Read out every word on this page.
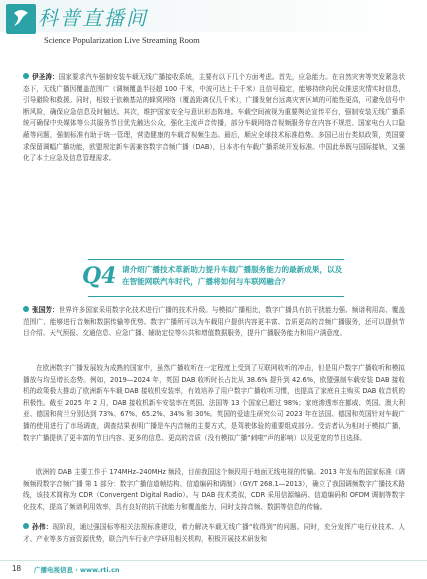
科普直播间
Science Popularization Live Streaming Room

伊圣涛：国家要求汽车强制安装车载无线广播接收系统，主要有以下几个方面考虑。首先，应急能力。在自然灾害等突发紧急状态下，无线广播因覆盖范围广（调频覆盖半径超 100 千米，中波可达上千千米）且信号稳定，能够持续向民众推送灾情实时信息，引导避险和救援。同时，相较于依赖基站的蜂窝网络（覆盖距离仅几千米），广播发射台远离灾害区域的可能性更高，可避免信号中断风险，确保应急信息及时触达。其次，维护国家安全与意识形态阵地。车载空间被视为重要舆论宣传平台，强制安装无线广播系统可确保中央媒体等公共服务节目优先触达公众，强化主流声音传播，部分车载网络音视频服务存在内容不规范、国家电台人口隐蔽等问题，强制标准有助于统一管理，营造健康的车载音视频生态。最后，顺应全球技术标准趋势。多国已出台类似政策，英国要求保留调幅广播功能，欧盟规定新车需兼容数字音频广播（DAB），日本亦有车载广播系统开发标准。中国此举既与国际接轨，又强化了本土应急及信息管理需求。

Q4 请介绍广播技术革新助力提升车载广播服务能力的最新成果，以及在智能网联汽车时代，广播将如何与车联网融合？

张国芳：世界许多国家采用数字化技术进行广播的技术升级。与模拟广播相比，数字广播具有抗干扰能力强、频谱利用高、覆盖范围广、能够进行音频和数据传输等优势。数字广播所可以为车载用户提供内容更丰富、音质更高的音频广播服务，还可以提供节目介绍、天气预报、交通信息、应急广播、辅助定位等公共和增值数据服务，提升广播服务能力和用户满意度。

在欧洲数字广播发展较为成熟的国家中，虽然广播收听在一定程度上受到了互联网收听的冲击，但是用户数字广播收听和模拟播放与均呈增长态势。例如，2019—2024 年，英国 DAB 收听时长占比从 38.6% 提升到 42.6%，欧盟强制车载安装 DAB 接收机的政策极大推动了欧洲新车车载 DAB 接收机安装率，有效培养了用户数字广播收听习惯，也提高了家庭自主购买 DAB 收音机的积极性。截至 2025 年 2 月，DAB 接收机新车安装率在英国、法国等 13 个国家已超过 98%；家庭渗透率在挪威、英国、澳大利亚、德国和荷兰分别达到 73%、67%、65.2%、34% 和 30%。英国的爱迪生研究公司 2023 年在法国、德国和英国针对车载广播的使用进行了市场调查，调查结果表明广播是车内音频的主要方式，是驾驶体验的重要组成部分。受访者认为相对于模拟广播，数字广播提供了更丰富的节目内容、更多的信息、更高的音质（没有模拟广播“刺啦”声的影响）以及更宽的节目选择。

欧洲的 DAB 主要工作于 174MHz–240MHz 频段，目前我国这个频段用于地面无线电视的传输。2013 年发布的国家标准《调频频段数字音频广播 第 1 部分：数字广播信道帧结构、信道编码和调制》（GY/T 268.1—2013），确立了我国调频数字广播技术路线，该技术简称为 CDR（Convergent Digital Radio）。与 DAB 技术类似，CDR 采用信源编码、信道编码和 OFDM 调制等数字化技术，提高了频谱利用效率，具有良好的抗干扰能力和覆盖能力，同时支持音频、数据等信息的传输。

孙伟：现阶段，通过强国标等相关法规标准建设，着力解决车载无线广播“收得到”的问题。同时，充分发挥广电行业技术、人才、产业等多方面资源优势，联合汽车行业产学研用相关机构，积极开展技术研发和

18 广播电视信息 · www.rti.cn
